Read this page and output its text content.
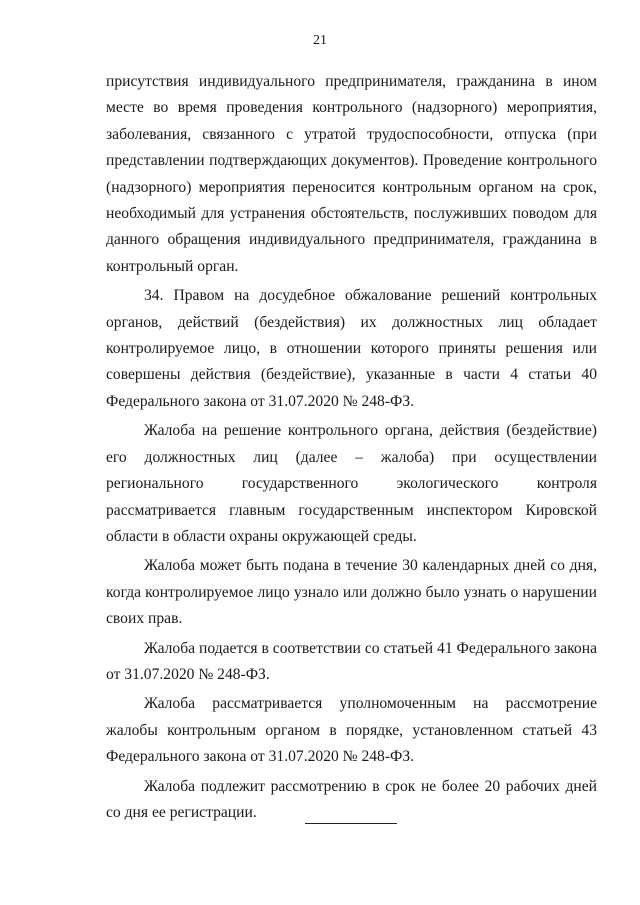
21

присутствия индивидуального предпринимателя, гражданина в ином месте во время проведения контрольного (надзорного) мероприятия, заболевания, связанного с утратой трудоспособности, отпуска (при представлении подтверждающих документов). Проведение контрольного (надзорного) мероприятия переносится контрольным органом на срок, необходимый для устранения обстоятельств, послуживших поводом для данного обращения индивидуального предпринимателя, гражданина в контрольный орган.

34. Правом на досудебное обжалование решений контрольных органов, действий (бездействия) их должностных лиц обладает контролируемое лицо, в отношении которого приняты решения или совершены действия (бездействие), указанные в части 4 статьи 40 Федерального закона от 31.07.2020 № 248-ФЗ.

Жалоба на решение контрольного органа, действия (бездействие) его должностных лиц (далее – жалоба) при осуществлении регионального государственного экологического контроля рассматривается главным государственным инспектором Кировской области в области охраны окружающей среды.

Жалоба может быть подана в течение 30 календарных дней со дня, когда контролируемое лицо узнало или должно было узнать о нарушении своих прав.

Жалоба подается в соответствии со статьей 41 Федерального закона от 31.07.2020 № 248-ФЗ.

Жалоба рассматривается уполномоченным на рассмотрение жалобы контрольным органом в порядке, установленном статьей 43 Федерального закона от 31.07.2020 № 248-ФЗ.

Жалоба подлежит рассмотрению в срок не более 20 рабочих дней со дня ее регистрации.
